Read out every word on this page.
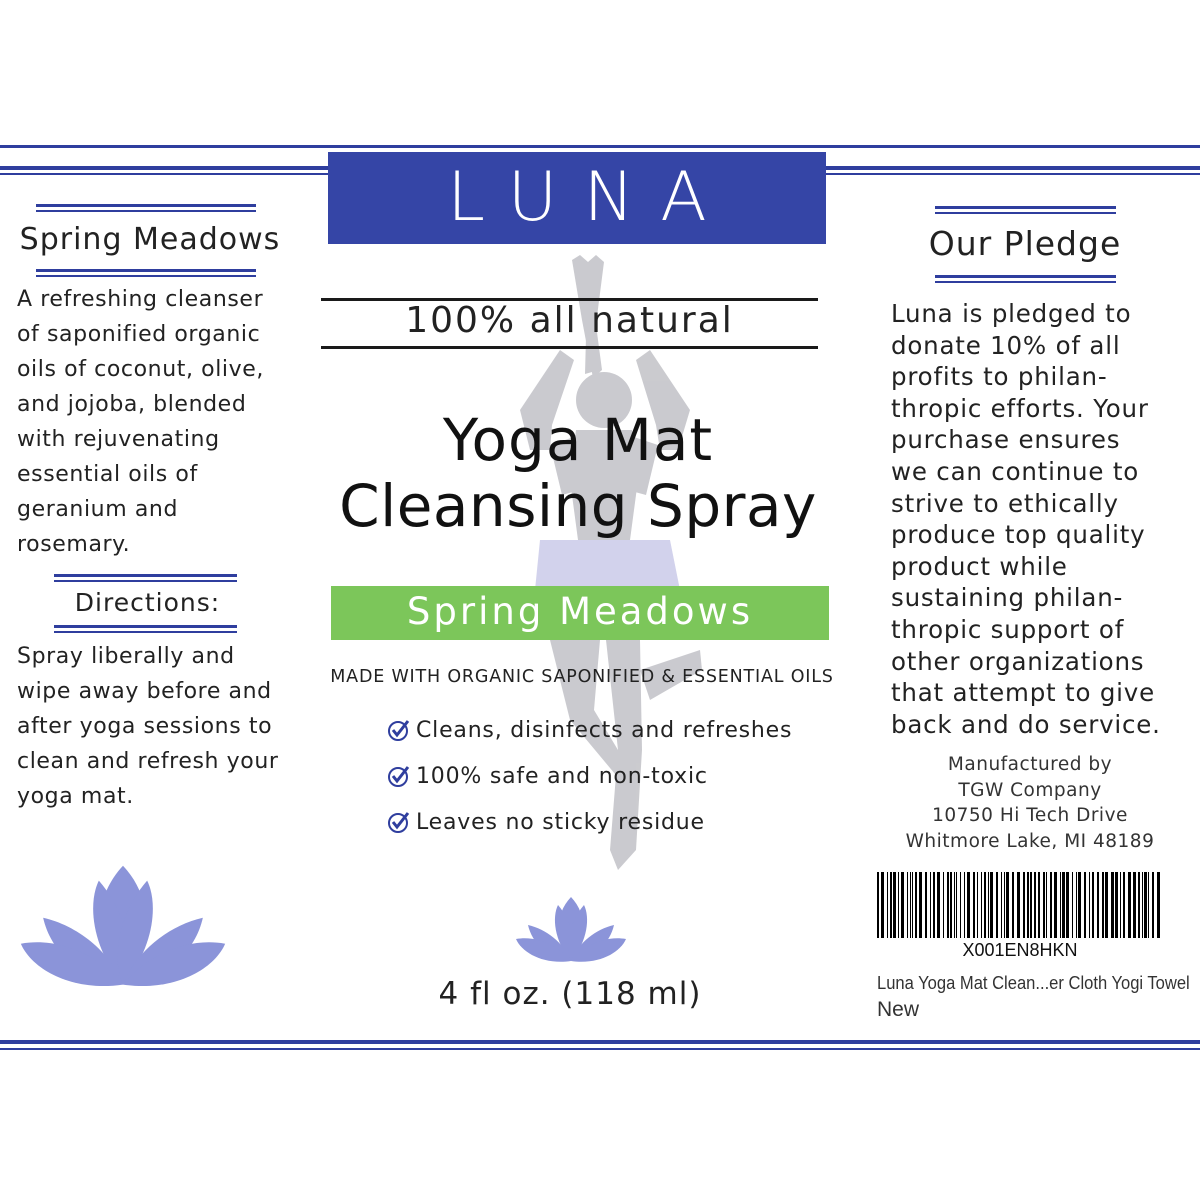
LUNA
100% all natural
Yoga Mat
Cleansing Spray
Spring Meadows
MADE WITH ORGANIC SAPONIFIED & ESSENTIAL OILS
Cleans, disinfects and refreshes
100% safe and non-toxic
Leaves no sticky residue
4 fl oz. (118 ml)
Spring Meadows
A refreshing cleanser
of saponified organic
oils of coconut, olive,
and jojoba, blended
with rejuvenating
essential oils of
geranium and
rosemary.
Directions:
Spray liberally and
wipe away before and
after yoga sessions to
clean and refresh your
yoga mat.
Our Pledge
Luna is pledged to
donate 10% of all
profits to philan-
thropic efforts. Your
purchase ensures
we can continue to
strive to ethically
produce top quality
product while
sustaining philan-
thropic support of
other organizations
that attempt to give
back and do service.
Manufactured by
TGW Company
10750 Hi Tech Drive
Whitmore Lake, MI 48189
X001EN8HKN
Luna Yoga Mat Clean...er Cloth Yogi Towel
New
